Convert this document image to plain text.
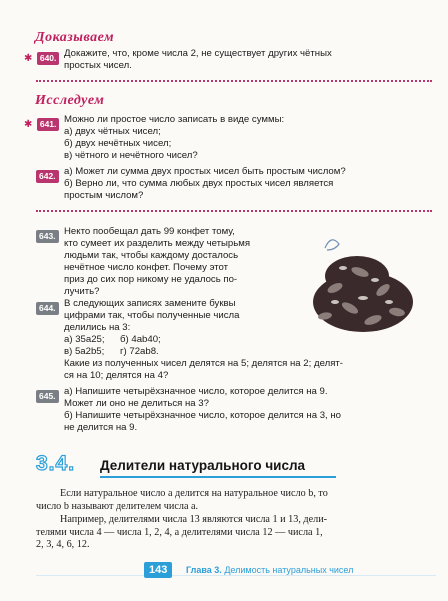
Доказываем
✱ 640. Докажите, что, кроме числа 2, не существует других чётных

простых чисел.

Исследуем
✱ 641. Можно ли простое число записать в виде суммы:

а) двух чётных чисел;

б) двух нечётных чисел;

в) чётного и нечётного чисел?

642. а) Может ли сумма двух простых чисел быть простым числом?

б) Верно ли, что сумма любых двух простых чисел является

простым числом?

643. Некто пообещал дать 99 конфет тому,

кто сумеет их разделить между четырьмя

людьми так, чтобы каждому досталось

нечётное число конфет. Почему этот

приз до сих пор никому не удалось по-

лучить?

644. В следующих записях замените буквы

цифрами так, чтобы полученные числа

делились на 3:

а) 35a25; б) 4ab40;

в) 5a2b5; г) 72ab8.

Какие из полученных чисел делятся на 5; делятся на 2; делят-

ся на 10; делятся на 4?

645. а) Напишите четырёхзначное число, которое делится на 9.

Может ли оно не делиться на 3?

б) Напишите четырёхзначное число, которое делится на 3, но

не делится на 9.

3.4. Делители натурального числа

Если натуральное число a делится на натуральное число b, то

число b называют делителем числа a.

Например, делителями числа 13 являются числа 1 и 13, дели-

телями числа 4 — числа 1, 2, 4, а делителями числа 12 — числа 1,

2, 3, 4, 6, 12.

143	Глава 3. Делимость натуральных чисел
